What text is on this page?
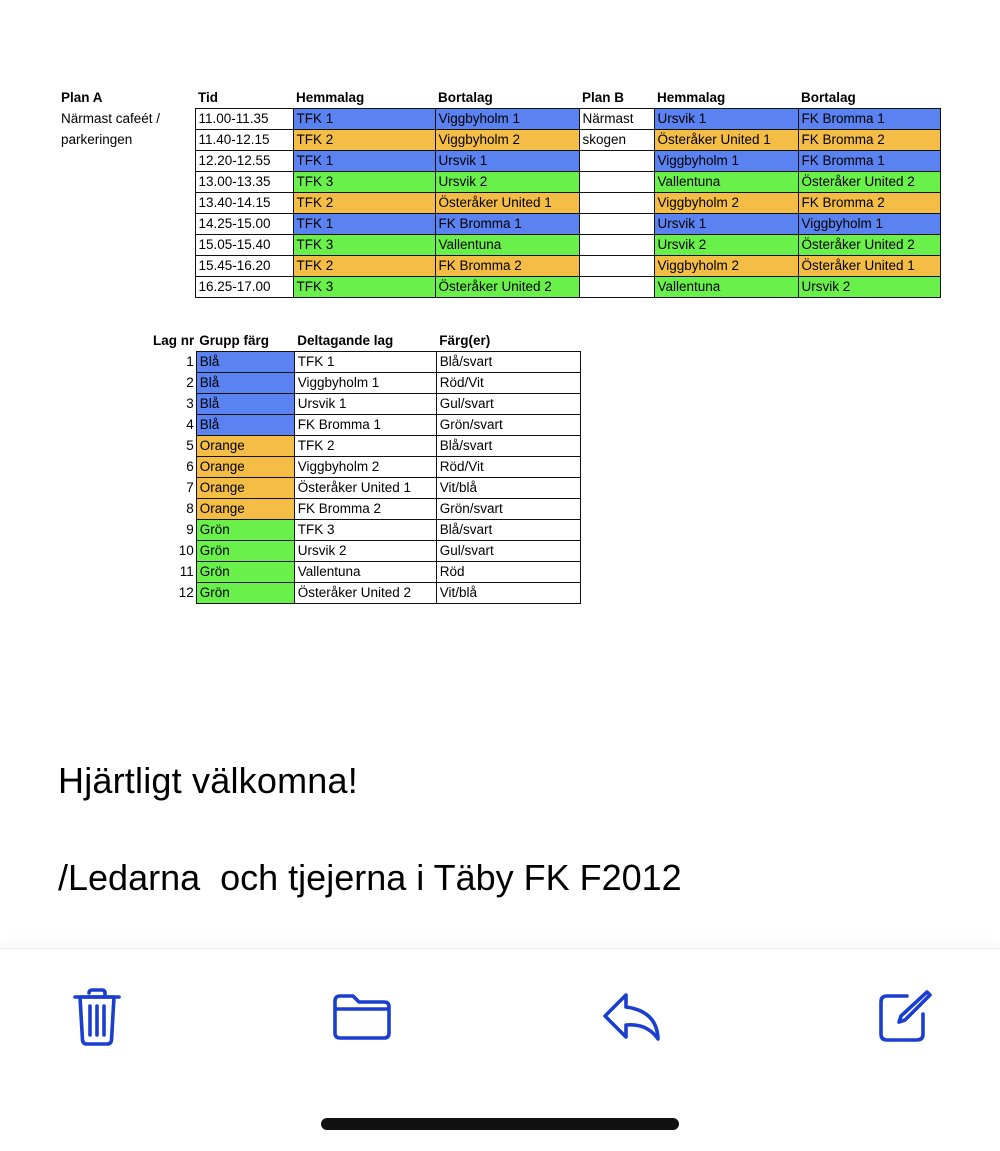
Plan A	Tid	Hemmalag	Bortalag	Plan B	Hemmalag	Bortalag
Närmast cafeét /	11.00-11.35	TFK 1	Viggbyholm 1	Närmast	Ursvik 1	FK Bromma 1
parkeringen	11.40-12.15	TFK 2	Viggbyholm 2	skogen	Österåker United 1	FK Bromma 2
	12.20-12.55	TFK 1	Ursvik 1		Viggbyholm 1	FK Bromma 1
	13.00-13.35	TFK 3	Ursvik 2		Vallentuna	Österåker United 2
	13.40-14.15	TFK 2	Österåker United 1		Viggbyholm 2	FK Bromma 2
	14.25-15.00	TFK 1	FK Bromma 1		Ursvik 1	Viggbyholm 1
	15.05-15.40	TFK 3	Vallentuna		Ursvik 2	Österåker United 2
	15.45-16.20	TFK 2	FK Bromma 2		Viggbyholm 2	Österåker United 1
	16.25-17.00	TFK 3	Österåker United 2		Vallentuna	Ursvik 2
Lag nr	Grupp färg	Deltagande lag	Färg(er)
1	Blå	TFK 1	Blå/svart
2	Blå	Viggbyholm 1	Röd/Vit
3	Blå	Ursvik 1	Gul/svart
4	Blå	FK Bromma 1	Grön/svart
5	Orange	TFK 2	Blå/svart
6	Orange	Viggbyholm 2	Röd/Vit
7	Orange	Österåker United 1	Vit/blå
8	Orange	FK Bromma 2	Grön/svart
9	Grön	TFK 3	Blå/svart
10	Grön	Ursvik 2	Gul/svart
11	Grön	Vallentuna	Röd
12	Grön	Österåker United 2	Vit/blå

Hjärtligt välkomna!

/Ledarna  och tjejerna i Täby FK F2012
